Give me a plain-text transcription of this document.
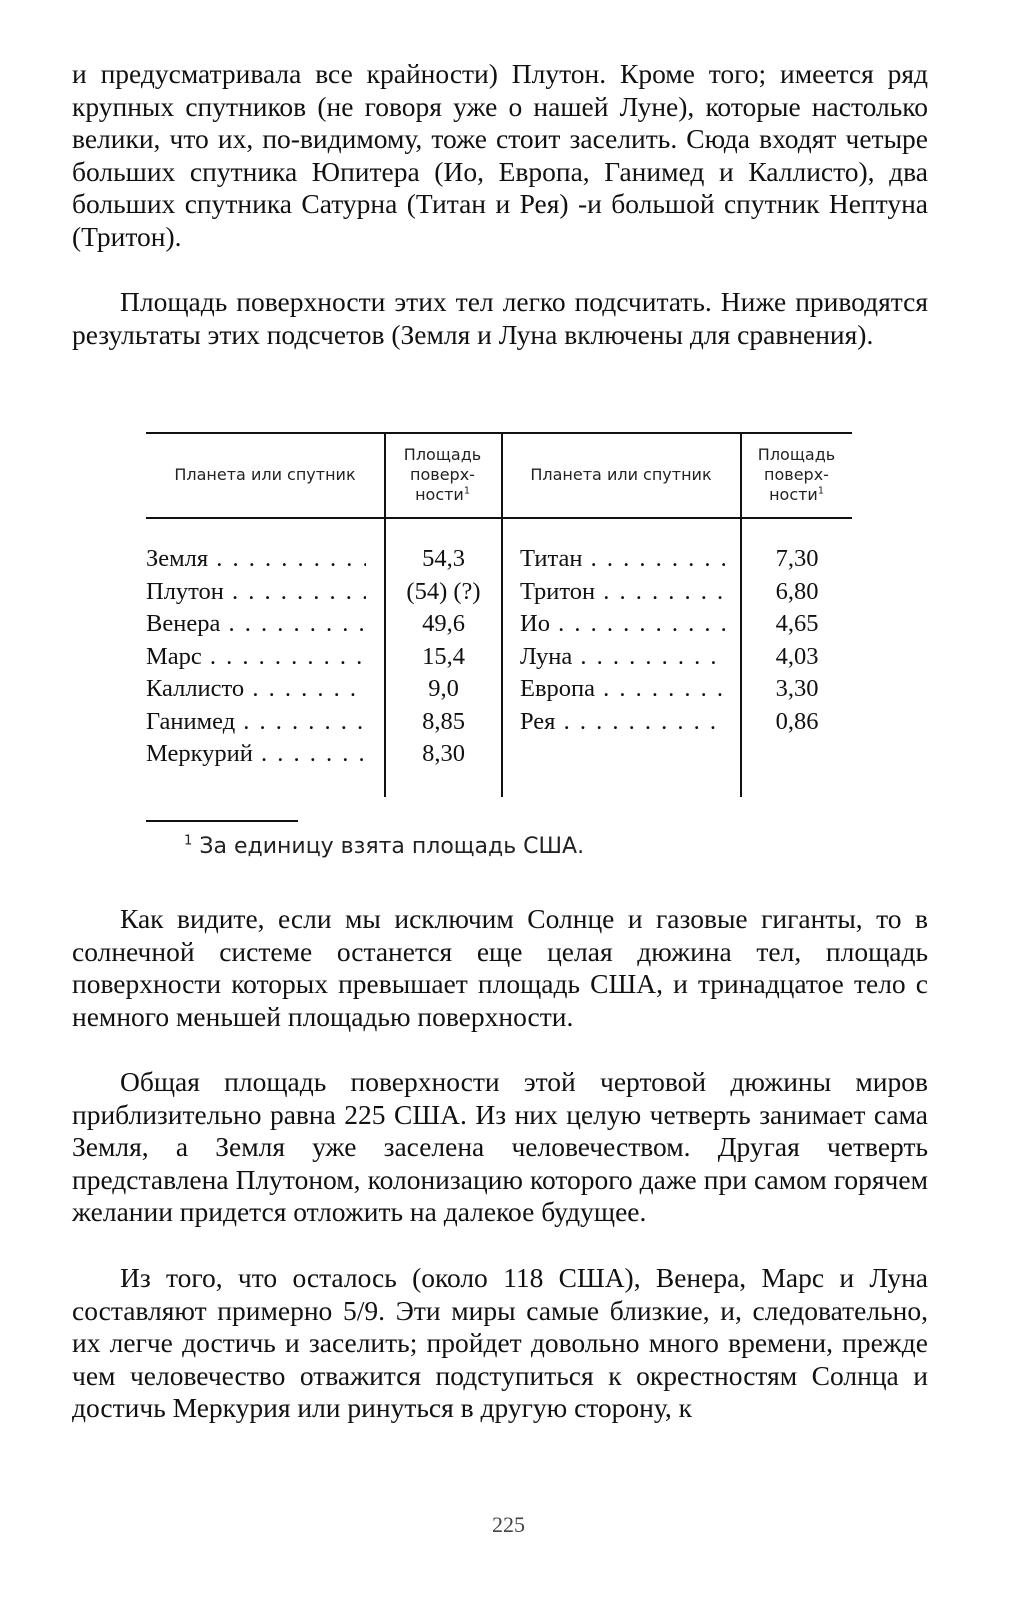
и предусматривала все крайности) Плутон. Кроме того; имеется ряд крупных спутников (не говоря уже о нашей Луне), которые настолько велики, что их, по-видимому, тоже стоит заселить. Сюда входят четыре больших спутника Юпитера (Ио, Европа, Ганимед и Каллисто), два больших спутника Сатурна (Титан и Рея) -и большой спутник Нептуна (Тритон).

Площадь поверхности этих тел легко подсчитать. Ниже приводятся результаты этих подсчетов (Земля и Луна включены для сравнения).

Планета или спутник
Площадь
поверх-
ности$^1$
Планета или спутник
Площадь
поверх-
ности$^1$
Земля . . .
Плутон . . .
Венера . . .
Марс . . .
Каллисто . . .
Ганимед . . .
Меркурий . . .
54,3
(54) (?)
49,6
15,4
9,0
8,85
8,30
Титан . . .
Тритон . . .
Ио . . .
Луна . . .
Европа . . .
Рея . . .
7,30
6,80
4,65
4,03
3,30
0,86
$^1$ За единицу взята площадь США.

Как видите, если мы исключим Солнце и газовые гиганты, то в солнечной системе останется еще целая дюжина тел, площадь поверхности которых превышает площадь США, и тринадцатое тело с немного меньшей площадью поверхности.

Общая площадь поверхности этой чертовой дюжины миров приблизительно равна 225 США. Из них целую четверть занимает сама Земля, а Земля уже заселена человечеством. Другая четверть представлена Плутоном, колонизацию которого даже при самом горячем желании придется отложить на далекое будущее.

Из того, что осталось (около 118 США), Венера, Марс и Луна составляют примерно 5/9. Эти миры самые близкие, и, следовательно, их легче достичь и заселить; пройдет довольно много времени, прежде чем человечество отважится подступиться к окрестностям Солнца и достичь Меркурия или ринуться в другую сторону, к

225
